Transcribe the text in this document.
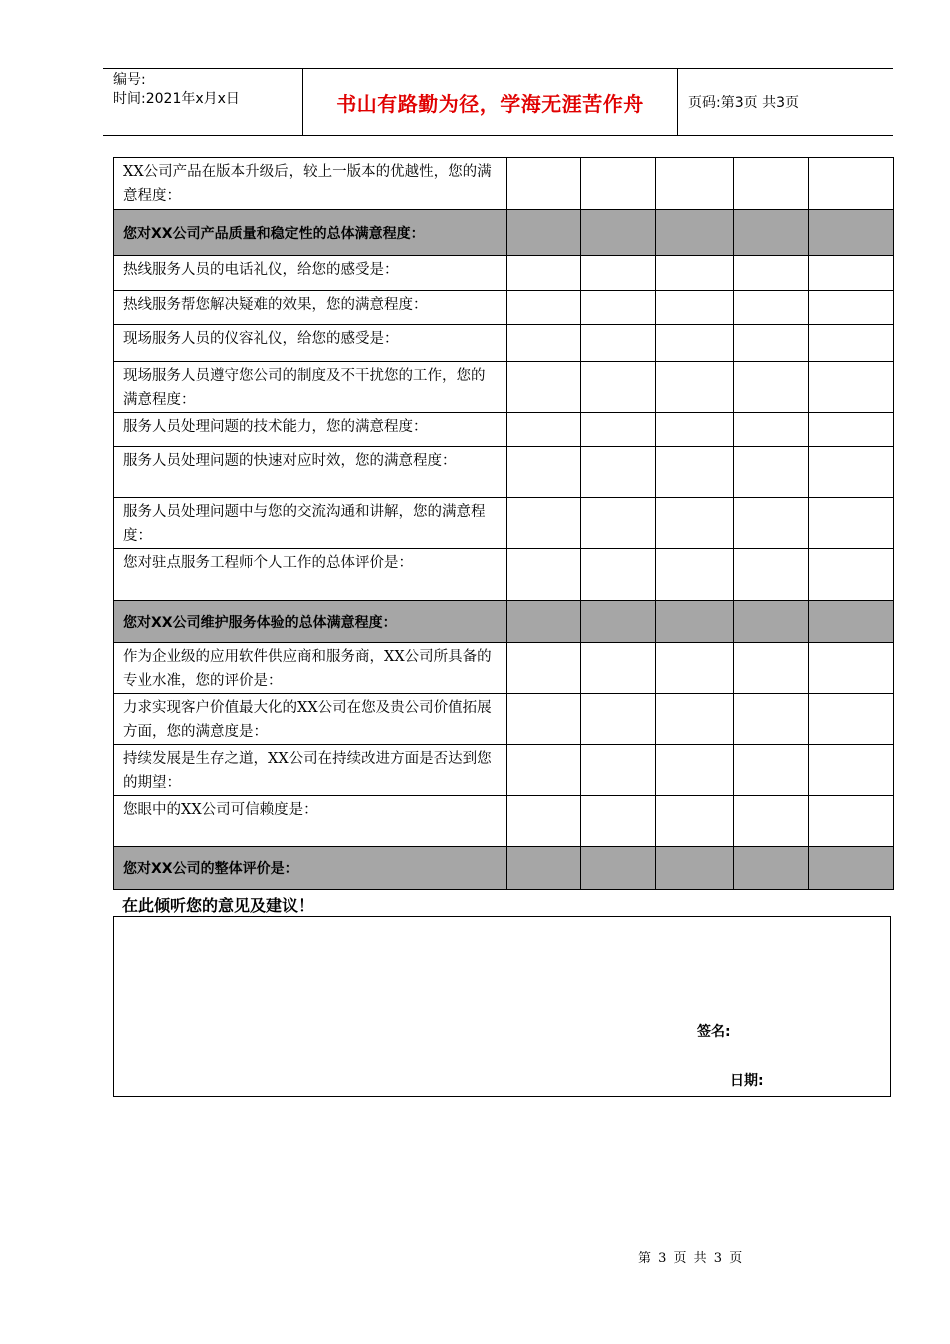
编号:
时间:2021年x月x日	书山有路勤为径，学海无涯苦作舟	页码:第3页 共3页
XX公司产品在版本升级后，较上一版本的优越性，您的满意程度：					
您对XX公司产品质量和稳定性的总体满意程度：					
热线服务人员的电话礼仪，给您的感受是：					
热线服务帮您解决疑难的效果，您的满意程度：					
现场服务人员的仪容礼仪，给您的感受是：					
现场服务人员遵守您公司的制度及不干扰您的工作，您的满意程度：					
服务人员处理问题的技术能力，您的满意程度：					
服务人员处理问题的快速对应时效，您的满意程度：					
服务人员处理问题中与您的交流沟通和讲解，您的满意程度：					
您对驻点服务工程师个人工作的总体评价是：					
您对XX公司维护服务体验的总体满意程度：					
作为企业级的应用软件供应商和服务商，XX公司所具备的专业水准，您的评价是：					
力求实现客户价值最大化的XX公司在您及贵公司价值拓展方面，您的满意度是：					
持续发展是生存之道，XX公司在持续改进方面是否达到您的期望：					
您眼中的XX公司可信赖度是：					
您对XX公司的整体评价是：					
在此倾听您的意见及建议！
签名:
日期:
第 3 页 共 3 页
